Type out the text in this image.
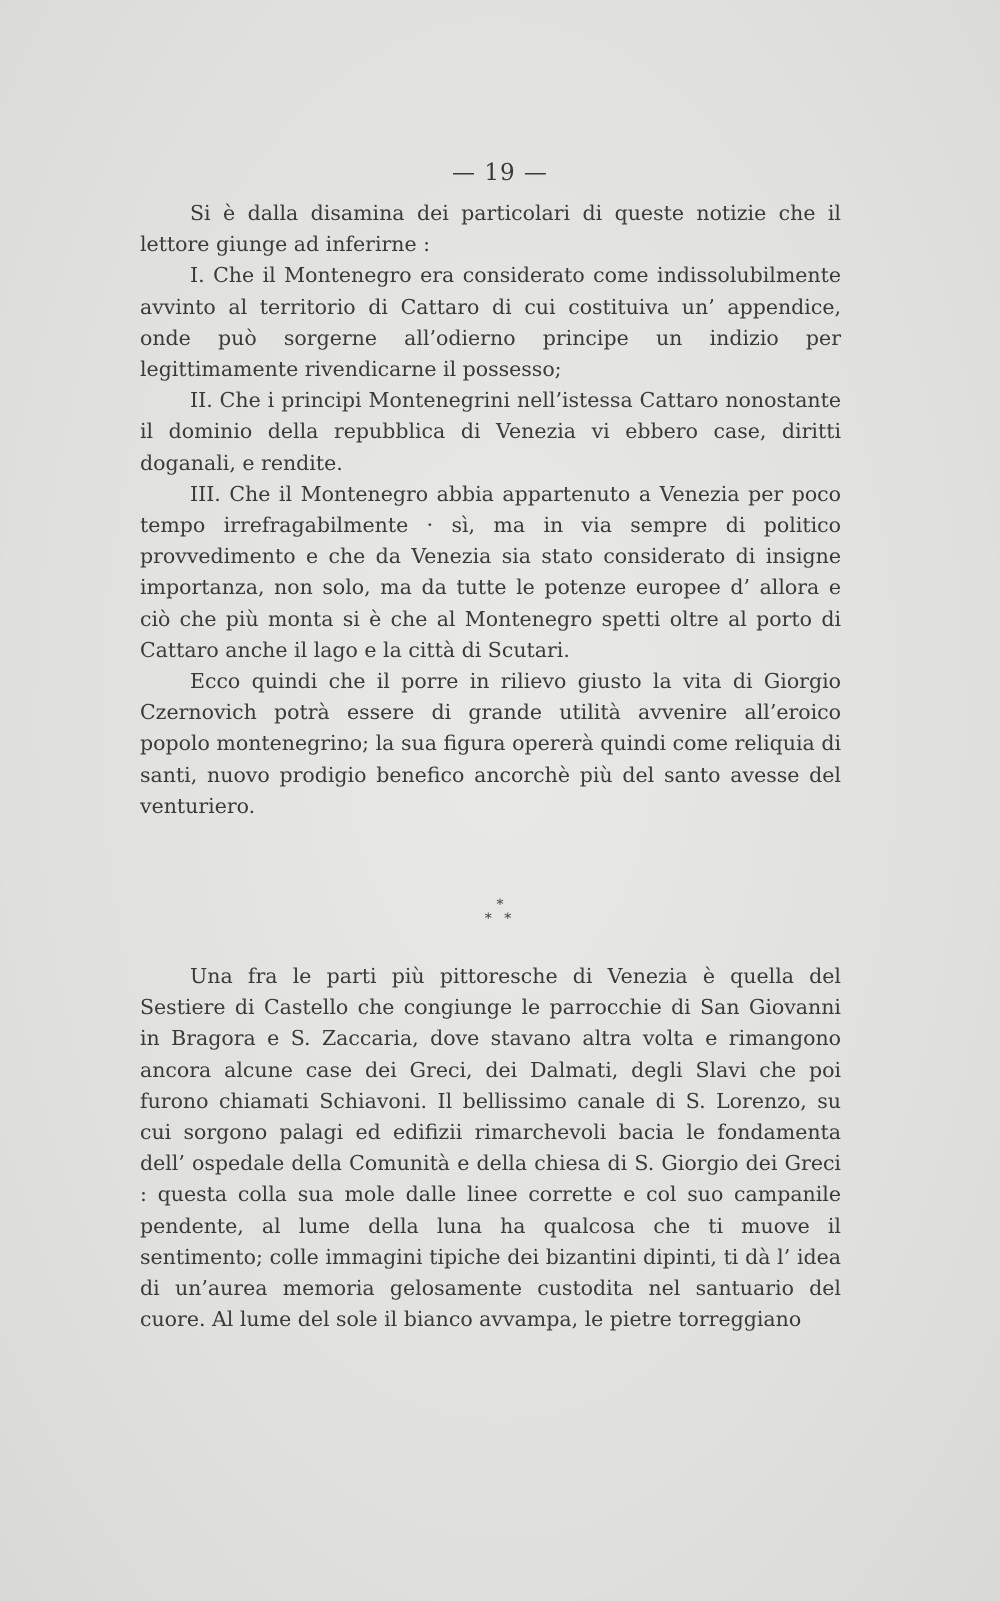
— 19 —

Si è dalla disamina dei particolari di queste notizie che il lettore giunge ad inferirne :

I. Che il Montenegro era considerato come indissolubilmente avvinto al territorio di Cattaro di cui costituiva un’ appendice, onde può sorgerne all’odierno principe un indizio per legittimamente rivendicarne il possesso;

II. Che i principi Montenegrini nell’istessa Cattaro nonostante il dominio della repubblica di Venezia vi ebbero case, diritti doganali, e rendite.

III. Che il Montenegro abbia appartenuto a Venezia per poco tempo irrefragabilmente · sì, ma in via sempre di politico provvedimento e che da Venezia sia stato considerato di insigne importanza, non solo, ma da tutte le potenze europee d’ allora e ciò che più monta si è che al Montenegro spetti oltre al porto di Cattaro anche il lago e la città di Scutari.

Ecco quindi che il porre in rilievo giusto la vita di Giorgio Czernovich potrà essere di grande utilità avvenire all’eroico popolo montenegrino; la sua figura opererà quindi come reliquia di santi, nuovo prodigio benefico ancorchè più del santo avesse del venturiero.

*
* *

Una fra le parti più pittoresche di Venezia è quella del Sestiere di Castello che congiunge le parrocchie di San Giovanni in Bragora e S. Zaccaria, dove stavano altra volta e rimangono ancora alcune case dei Greci, dei Dalmati, degli Slavi che poi furono chiamati Schiavoni. Il bellissimo canale di S. Lorenzo, su cui sorgono palagi ed edifizii rimarchevoli bacia le fondamenta dell’ ospedale della Comunità e della chiesa di S. Giorgio dei Greci : questa colla sua mole dalle linee corrette e col suo campanile pendente, al lume della luna ha qualcosa che ti muove il sentimento; colle immagini tipiche dei bizantini dipinti, ti dà l’ idea di un’aurea memoria gelosamente custodita nel santuario del cuore. Al lume del sole il bianco avvampa, le pietre torreggiano
